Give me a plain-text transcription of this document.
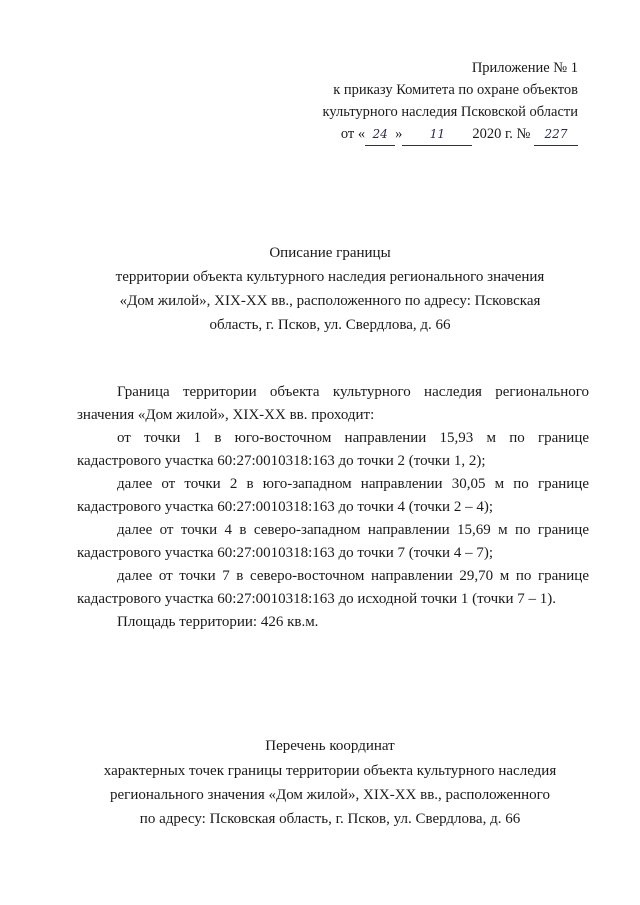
Приложение № 1
к приказу Комитета по охране объектов
культурного наследия Псковской области
от « 24 » 11 2020 г. № 227
Описание границы
территории объекта культурного наследия регионального значения
«Дом жилой», XIX-XX вв., расположенного по адресу: Псковская
область, г. Псков, ул. Свердлова, д. 66

Граница территории объекта культурного наследия регионального значения «Дом жилой», XIX-XX вв. проходит:

от точки 1 в юго-восточном направлении 15,93 м по границе кадастрового участка 60:27:0010318:163 до точки 2 (точки 1, 2);

далее от точки 2 в юго-западном направлении 30,05 м по границе кадастрового участка 60:27:0010318:163 до точки 4 (точки 2 – 4);

далее от точки 4 в северо-западном направлении 15,69 м по границе кадастрового участка 60:27:0010318:163 до точки 7 (точки 4 – 7);

далее от точки 7 в северо-восточном направлении 29,70 м по границе кадастрового участка 60:27:0010318:163 до исходной точки 1 (точки 7 – 1).

Площадь территории: 426 кв.м.

Перечень координат
характерных точек границы территории объекта культурного наследия
регионального значения «Дом жилой», XIX-XX вв., расположенного
по адресу: Псковская область, г. Псков, ул. Свердлова, д. 66
